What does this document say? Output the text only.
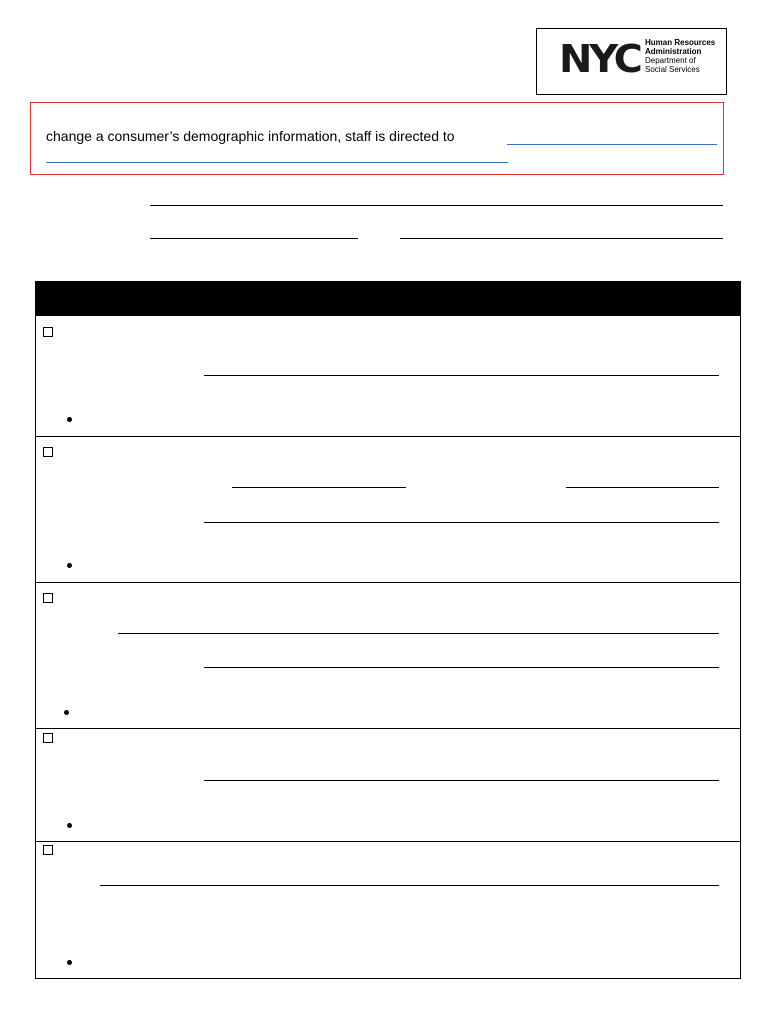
NYC Human Resources
Administration
Department of
Social Services
change a consumer’s demographic information, staff is directed to
